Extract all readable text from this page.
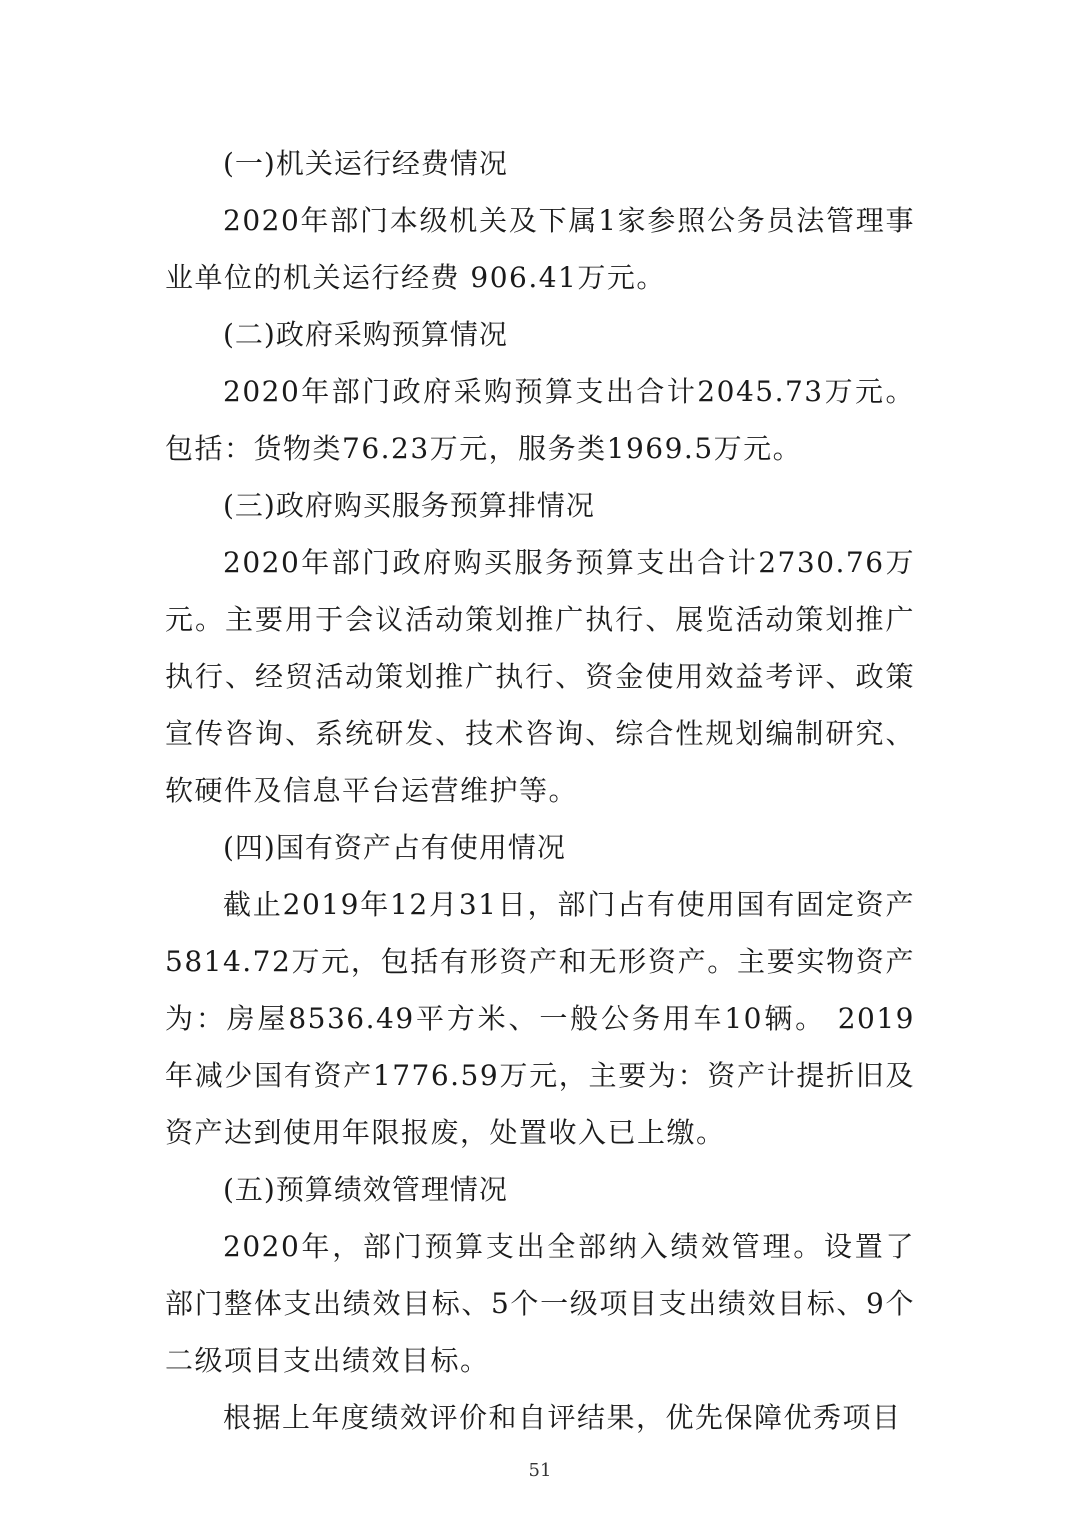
(一)机关运行经费情况

2020年部门本级机关及下属1家参照公务员法管理事业单位的机关运行经费 906.41万元。

(二)政府采购预算情况

2020年部门政府采购预算支出合计2045.73万元。包括：货物类76.23万元，服务类1969.5万元。

(三)政府购买服务预算排情况

2020年部门政府购买服务预算支出合计2730.76万元。主要用于会议活动策划推广执行、展览活动策划推广执行、经贸活动策划推广执行、资金使用效益考评、政策宣传咨询、系统研发、技术咨询、综合性规划编制研究、软硬件及信息平台运营维护等。

(四)国有资产占有使用情况

截止2019年12月31日，部门占有使用国有固定资产5814.72万元，包括有形资产和无形资产。主要实物资产为：房屋8536.49平方米、一般公务用车10辆。 2019年减少国有资产1776.59万元，主要为：资产计提折旧及资产达到使用年限报废，处置收入已上缴。

(五)预算绩效管理情况

2020年，部门预算支出全部纳入绩效管理。设置了部门整体支出绩效目标、5个一级项目支出绩效目标、9个二级项目支出绩效目标。

根据上年度绩效评价和自评结果，优先保障优秀项目

51
